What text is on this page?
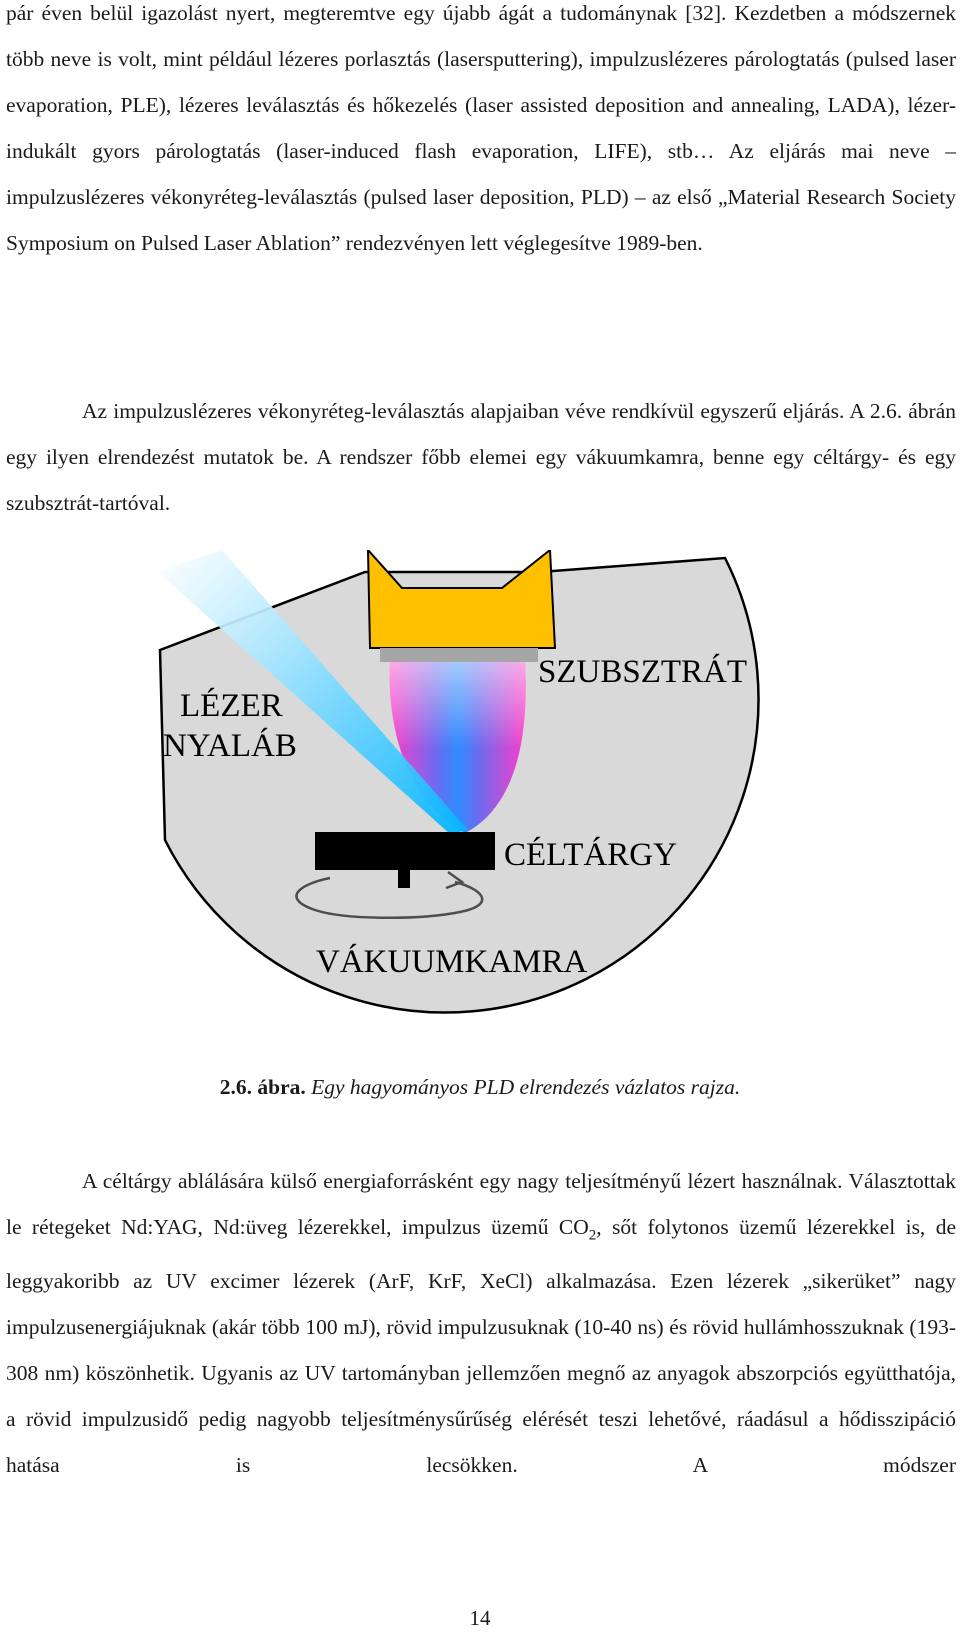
pár éven belül igazolást nyert, megteremtve egy újabb ágát a tudománynak [32]. Kezdetben a módszernek több neve is volt, mint például lézeres porlasztás (lasersputtering), impulzuslézeres párologtatás (pulsed laser evaporation, PLE), lézeres leválasztás és hőkezelés (laser assisted deposition and annealing, LADA), lézer-indukált gyors párologtatás (laser-induced flash evaporation, LIFE), stb… Az eljárás mai neve – impulzuslézeres vékonyréteg-leválasztás (pulsed laser deposition, PLD) – az első „Material Research Society Symposium on Pulsed Laser Ablation” rendezvényen lett véglegesítve 1989-ben.
Az impulzuslézeres vékonyréteg-leválasztás alapjaiban véve rendkívül egyszerű eljárás. A 2.6. ábrán egy ilyen elrendezést mutatok be. A rendszer főbb elemei egy vákuumkamra, benne egy céltárgy- és egy szubsztrát-tartóval.
LÉZER
NYALÁB
SZUBSZTRÁT
CÉLTÁRGY
VÁKUUMKAMRA
2.6. ábra. Egy hagyományos PLD elrendezés vázlatos rajza.
A céltárgy ablálására külső energiaforrásként egy nagy teljesítményű lézert használnak. Választottak le rétegeket Nd:YAG, Nd:üveg lézerekkel, impulzus üzemű $CO_2$, sőt folytonos üzemű lézerekkel is, de leggyakoribb az UV excimer lézerek (ArF, KrF, XeCl) alkalmazása. Ezen lézerek „sikerüket” nagy impulzusenergiájuknak (akár több 100 mJ), rövid impulzusuknak (10-40 ns) és rövid hullámhosszuknak (193-308 nm) köszönhetik. Ugyanis az UV tartományban jellemzően megnő az anyagok abszorpciós együtthatója, a rövid impulzusidő pedig nagyobb teljesítménysűrűség elérését teszi lehetővé, ráadásul a hődisszipáció hatása is lecsökken. A módszer
14
